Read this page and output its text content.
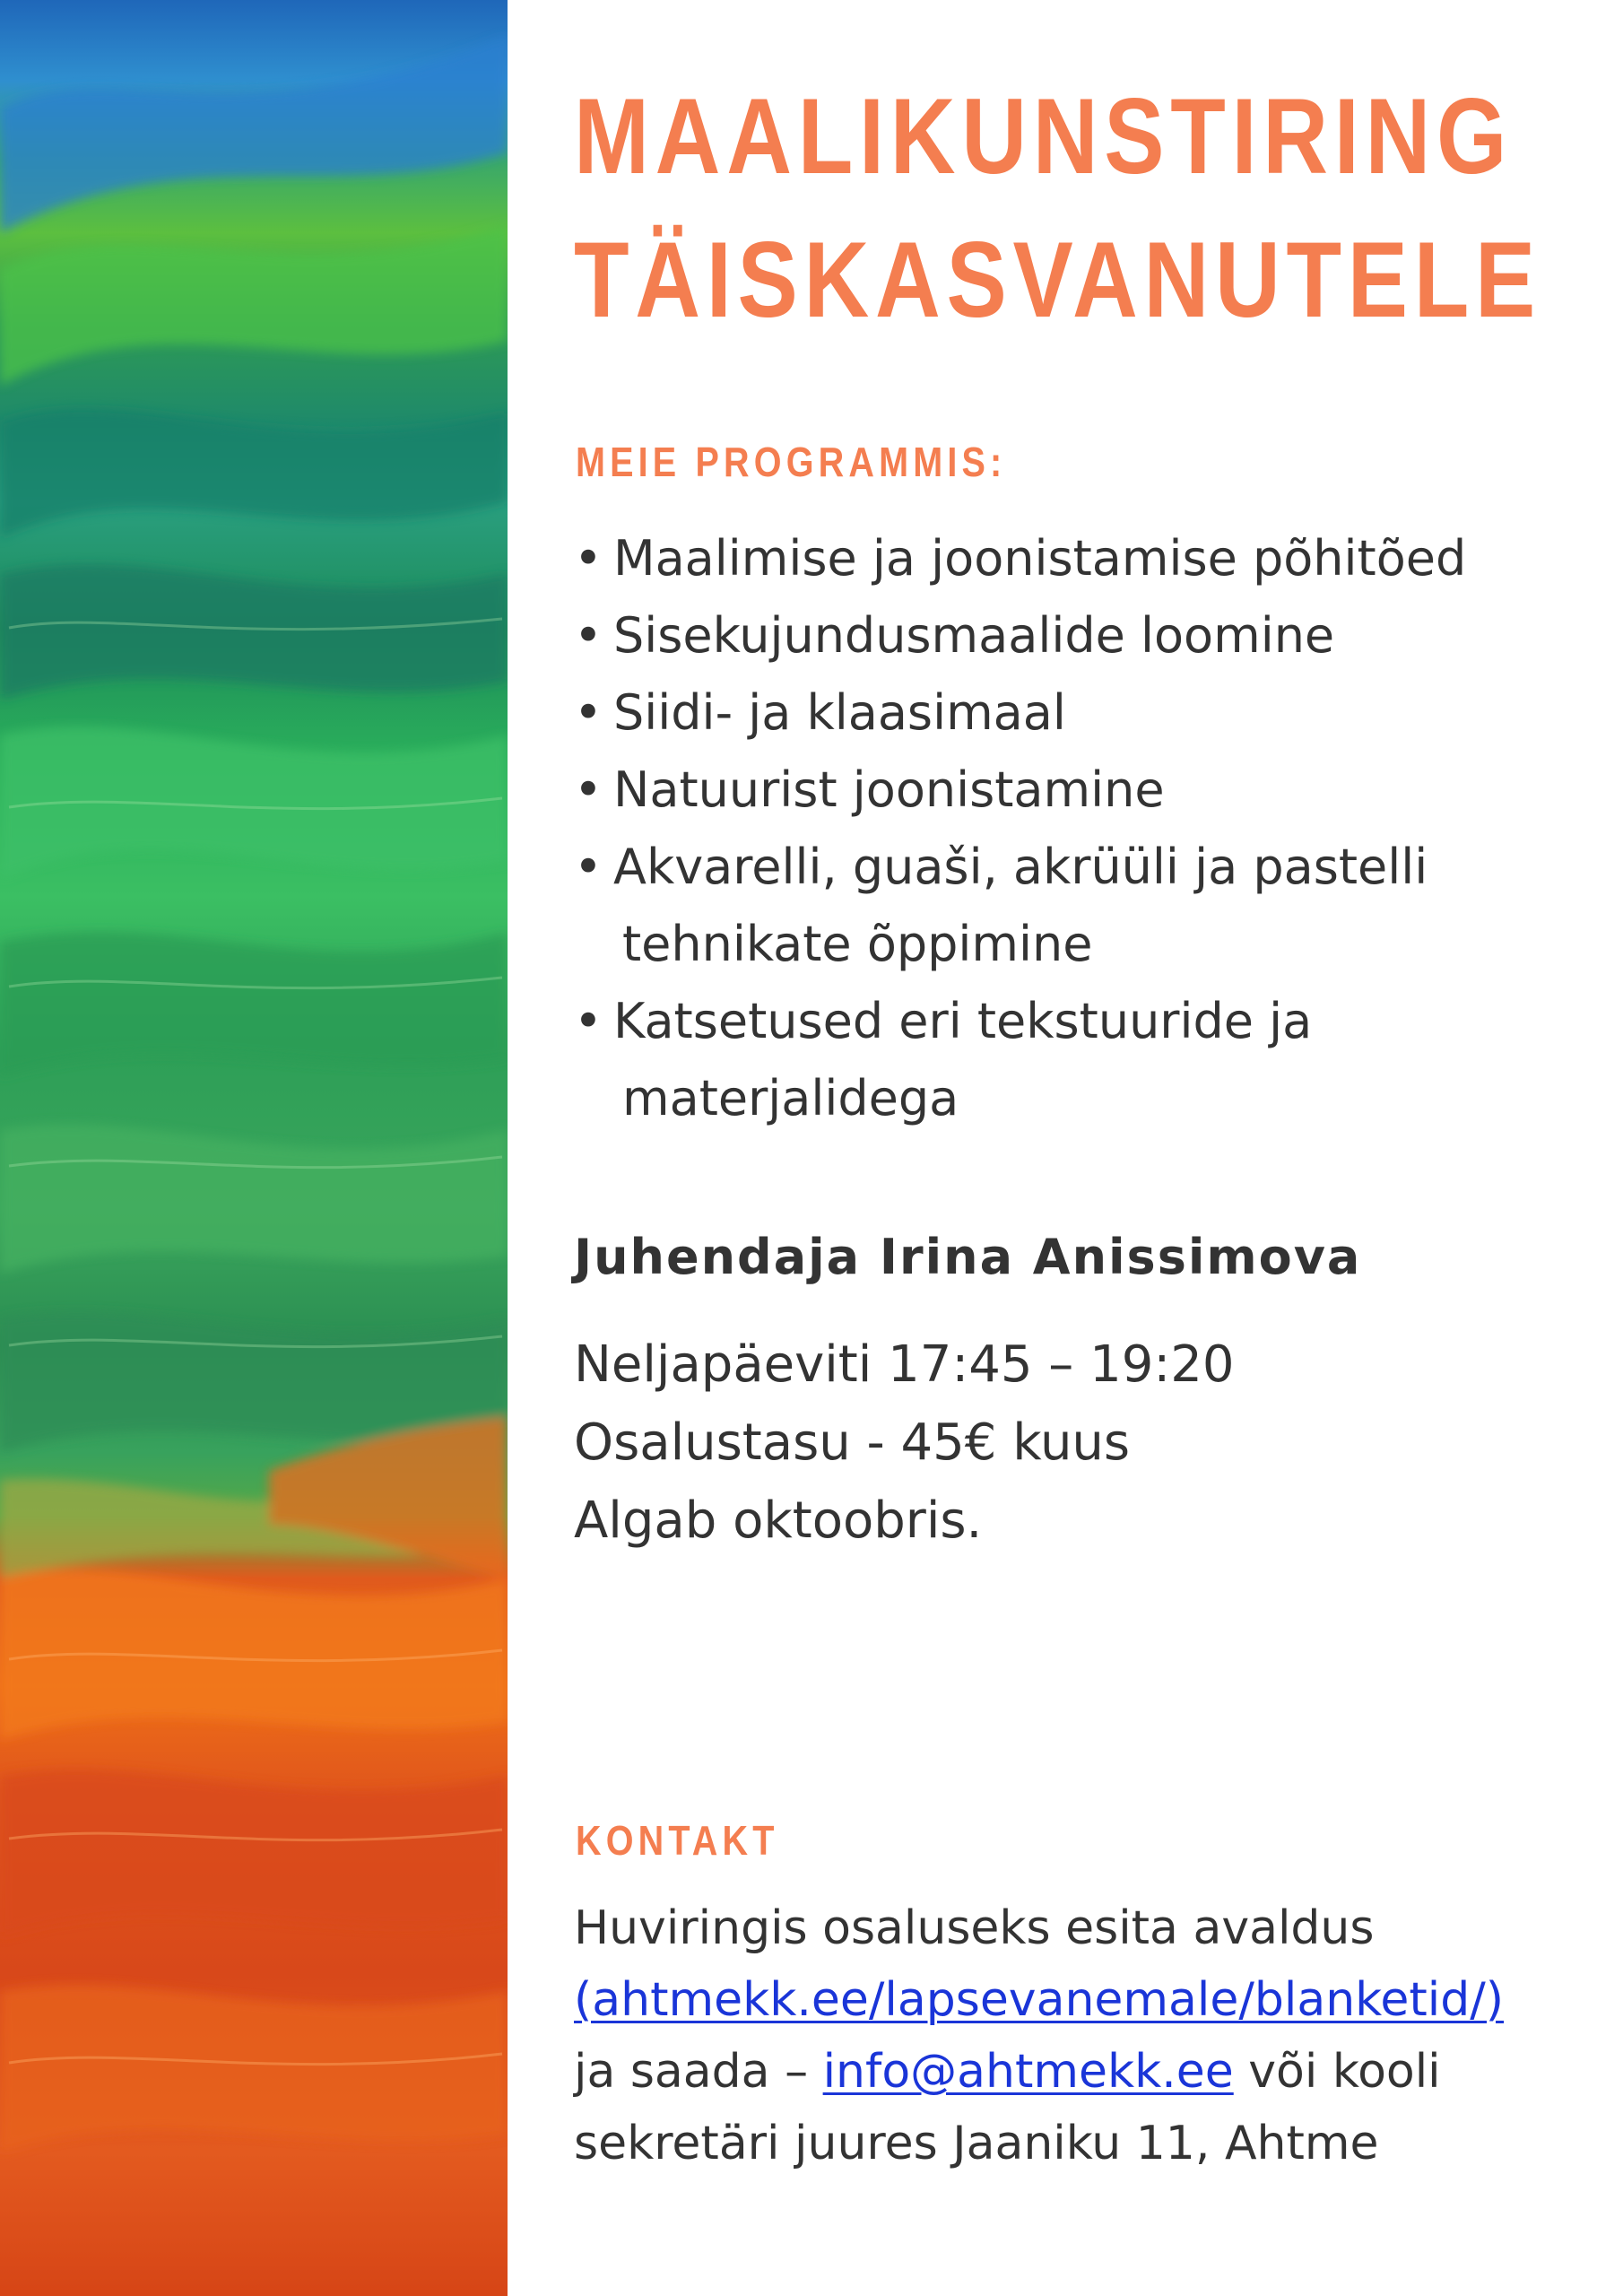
MAALIKUNSTIRING
TÄISKASVANUTELE
MEIE PROGRAMMIS:
• Maalimise ja joonistamise põhitõed
• Sisekujundusmaalide loomine
• Siidi- ja klaasimaal
• Natuurist joonistamine
• Akvarelli, guaši, akrüüli ja pastelli
tehnikate õppimine
• Katsetused eri tekstuuride ja
materjalidega

Juhendaja Irina Anissimova

Neljapäeviti 17:45 – 19:20
Osalustasu - 45€ kuus
Algab oktoobris.
KONTAKT
Huviringis osaluseks esita avaldus
(ahtmekk.ee/lapsevanemale/blanketid/)
ja saada – info@ahtmekk.ee või kooli
sekretäri juures Jaaniku 11, Ahtme
